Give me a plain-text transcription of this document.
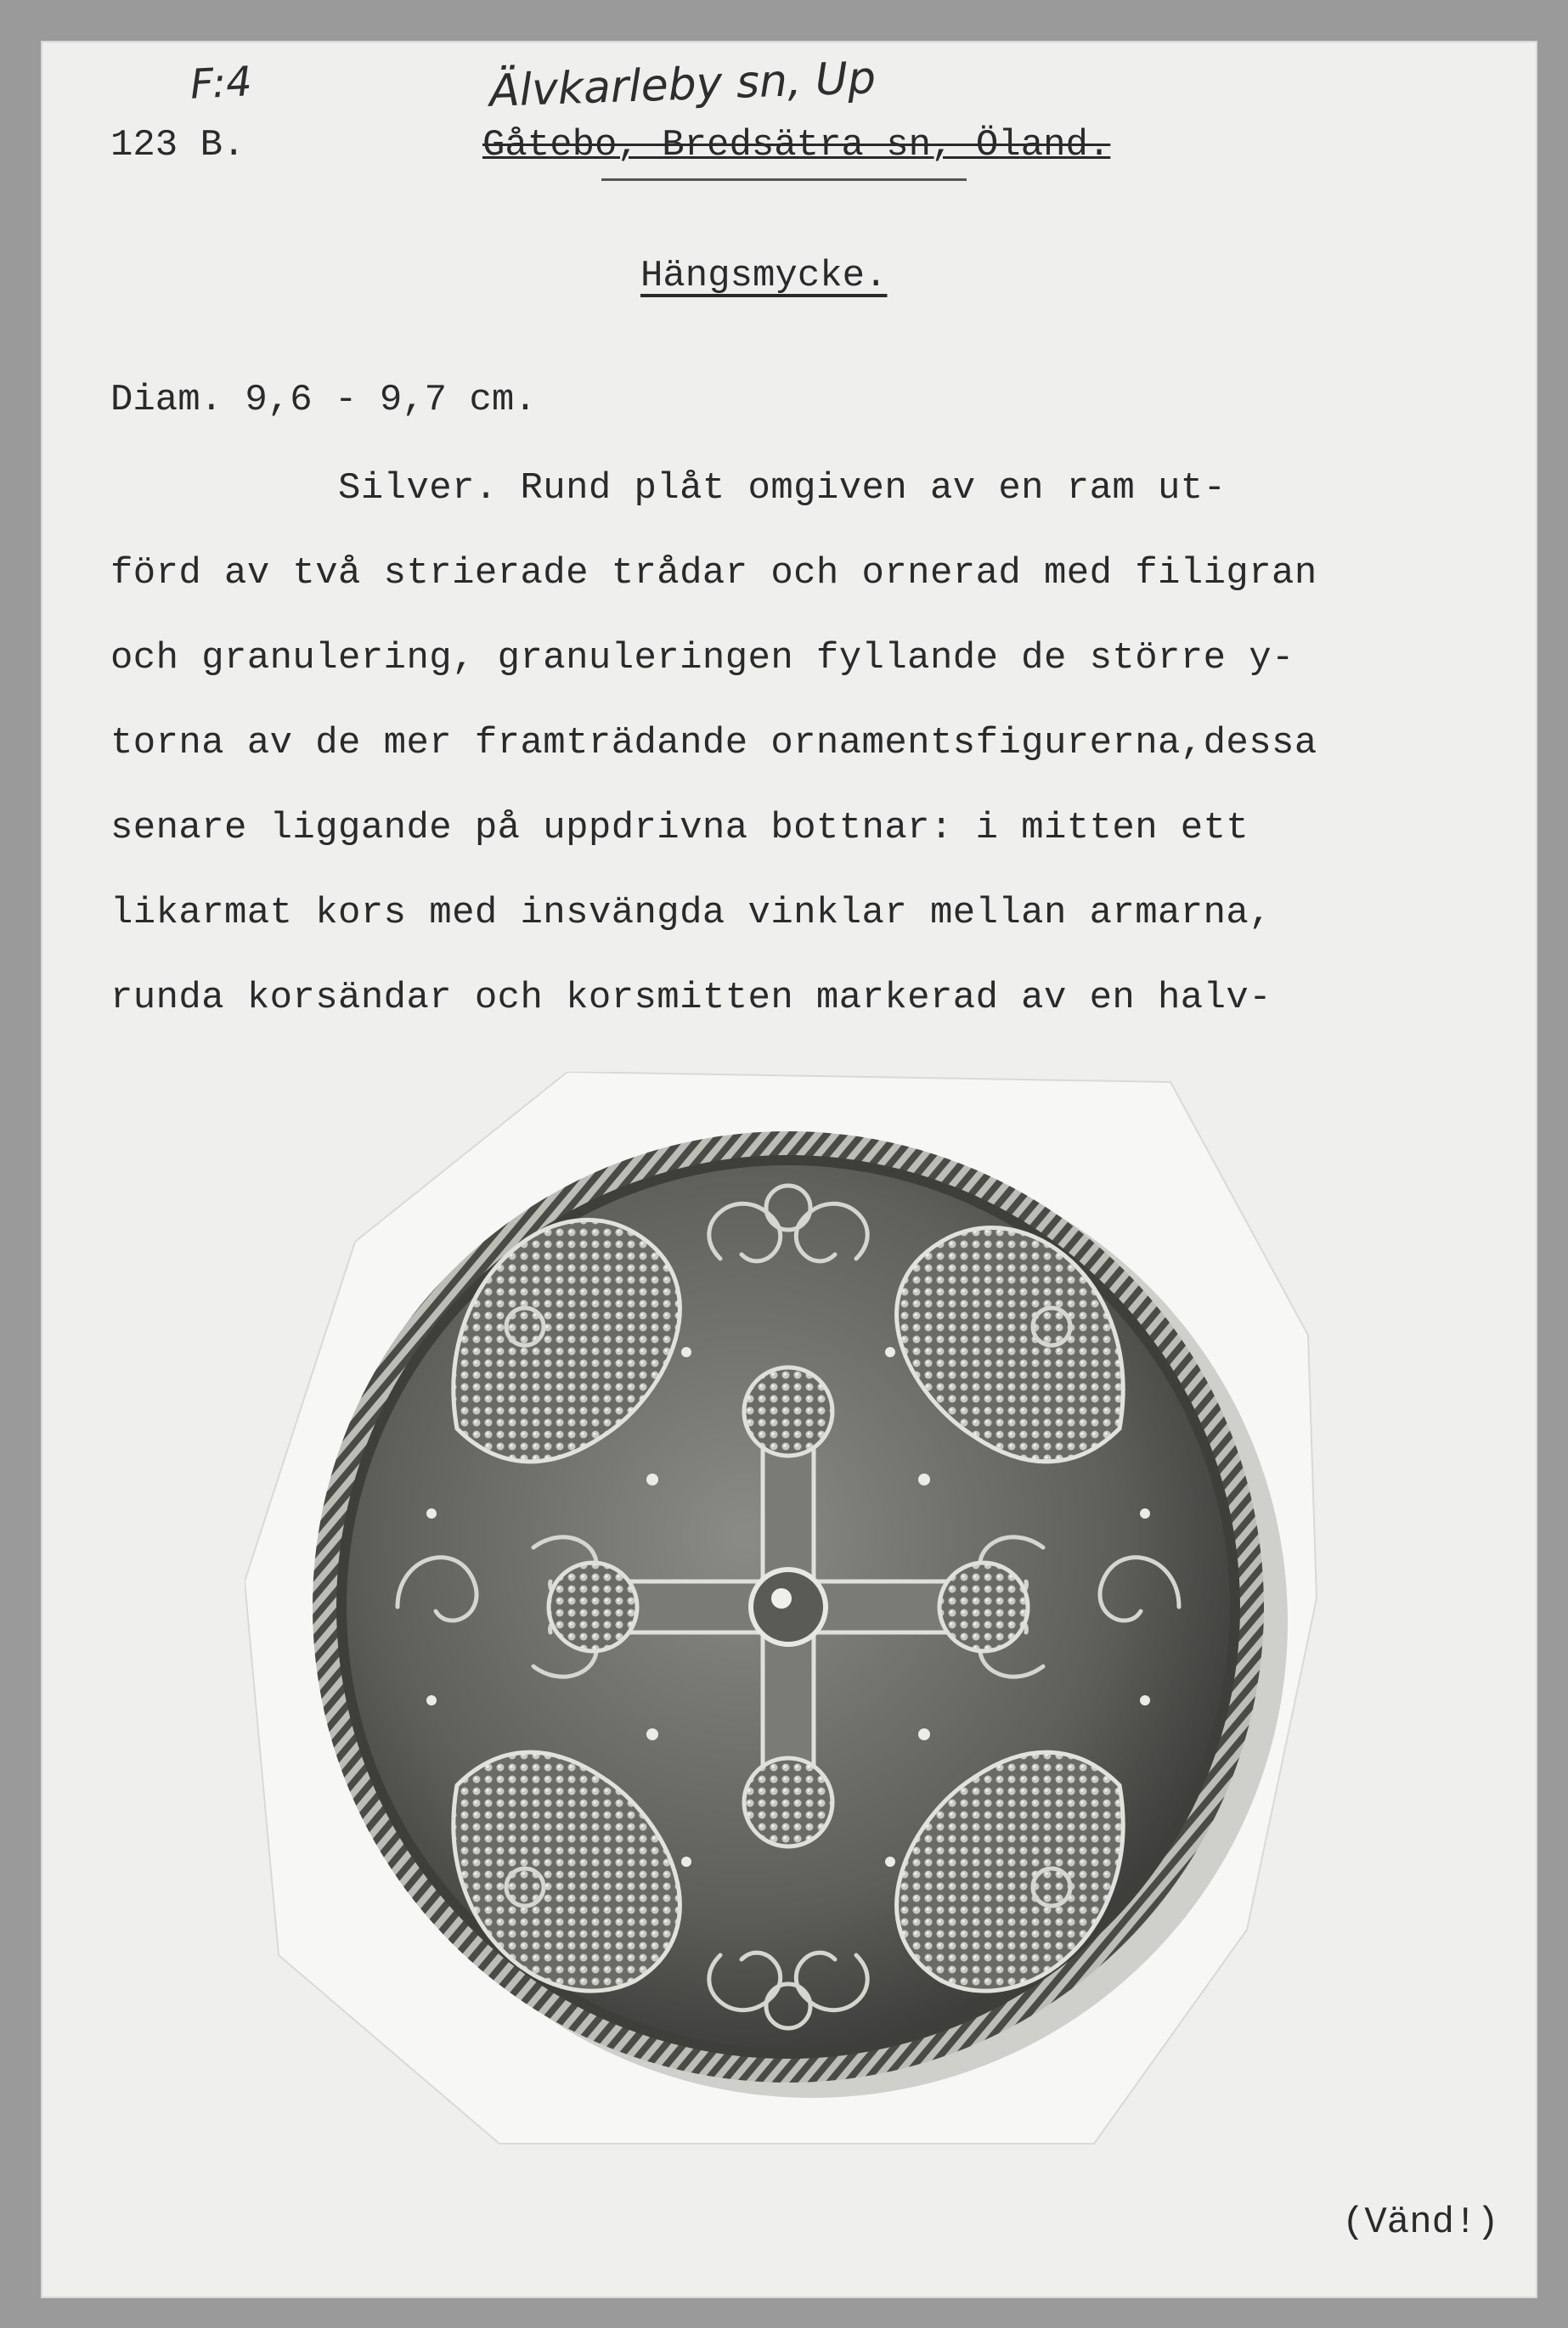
F:4	Älvkarleby sn, Up
123 B.	Gåtebo, Bredsätra sn, Öland.
Hängsmycke.
Diam. 9,6 - 9,7 cm.
Silver. Rund plåt omgiven av en ram ut-
förd av två strierade trådar och ornerad med filigran
och granulering, granuleringen fyllande de större y-
torna av de mer framträdande ornamentsfigurerna,dessa
senare liggande på uppdrivna bottnar: i mitten ett
likarmat kors med insvängda vinklar mellan armarna,
runda korsändar och korsmitten markerad av en halv-
(Vänd!)
